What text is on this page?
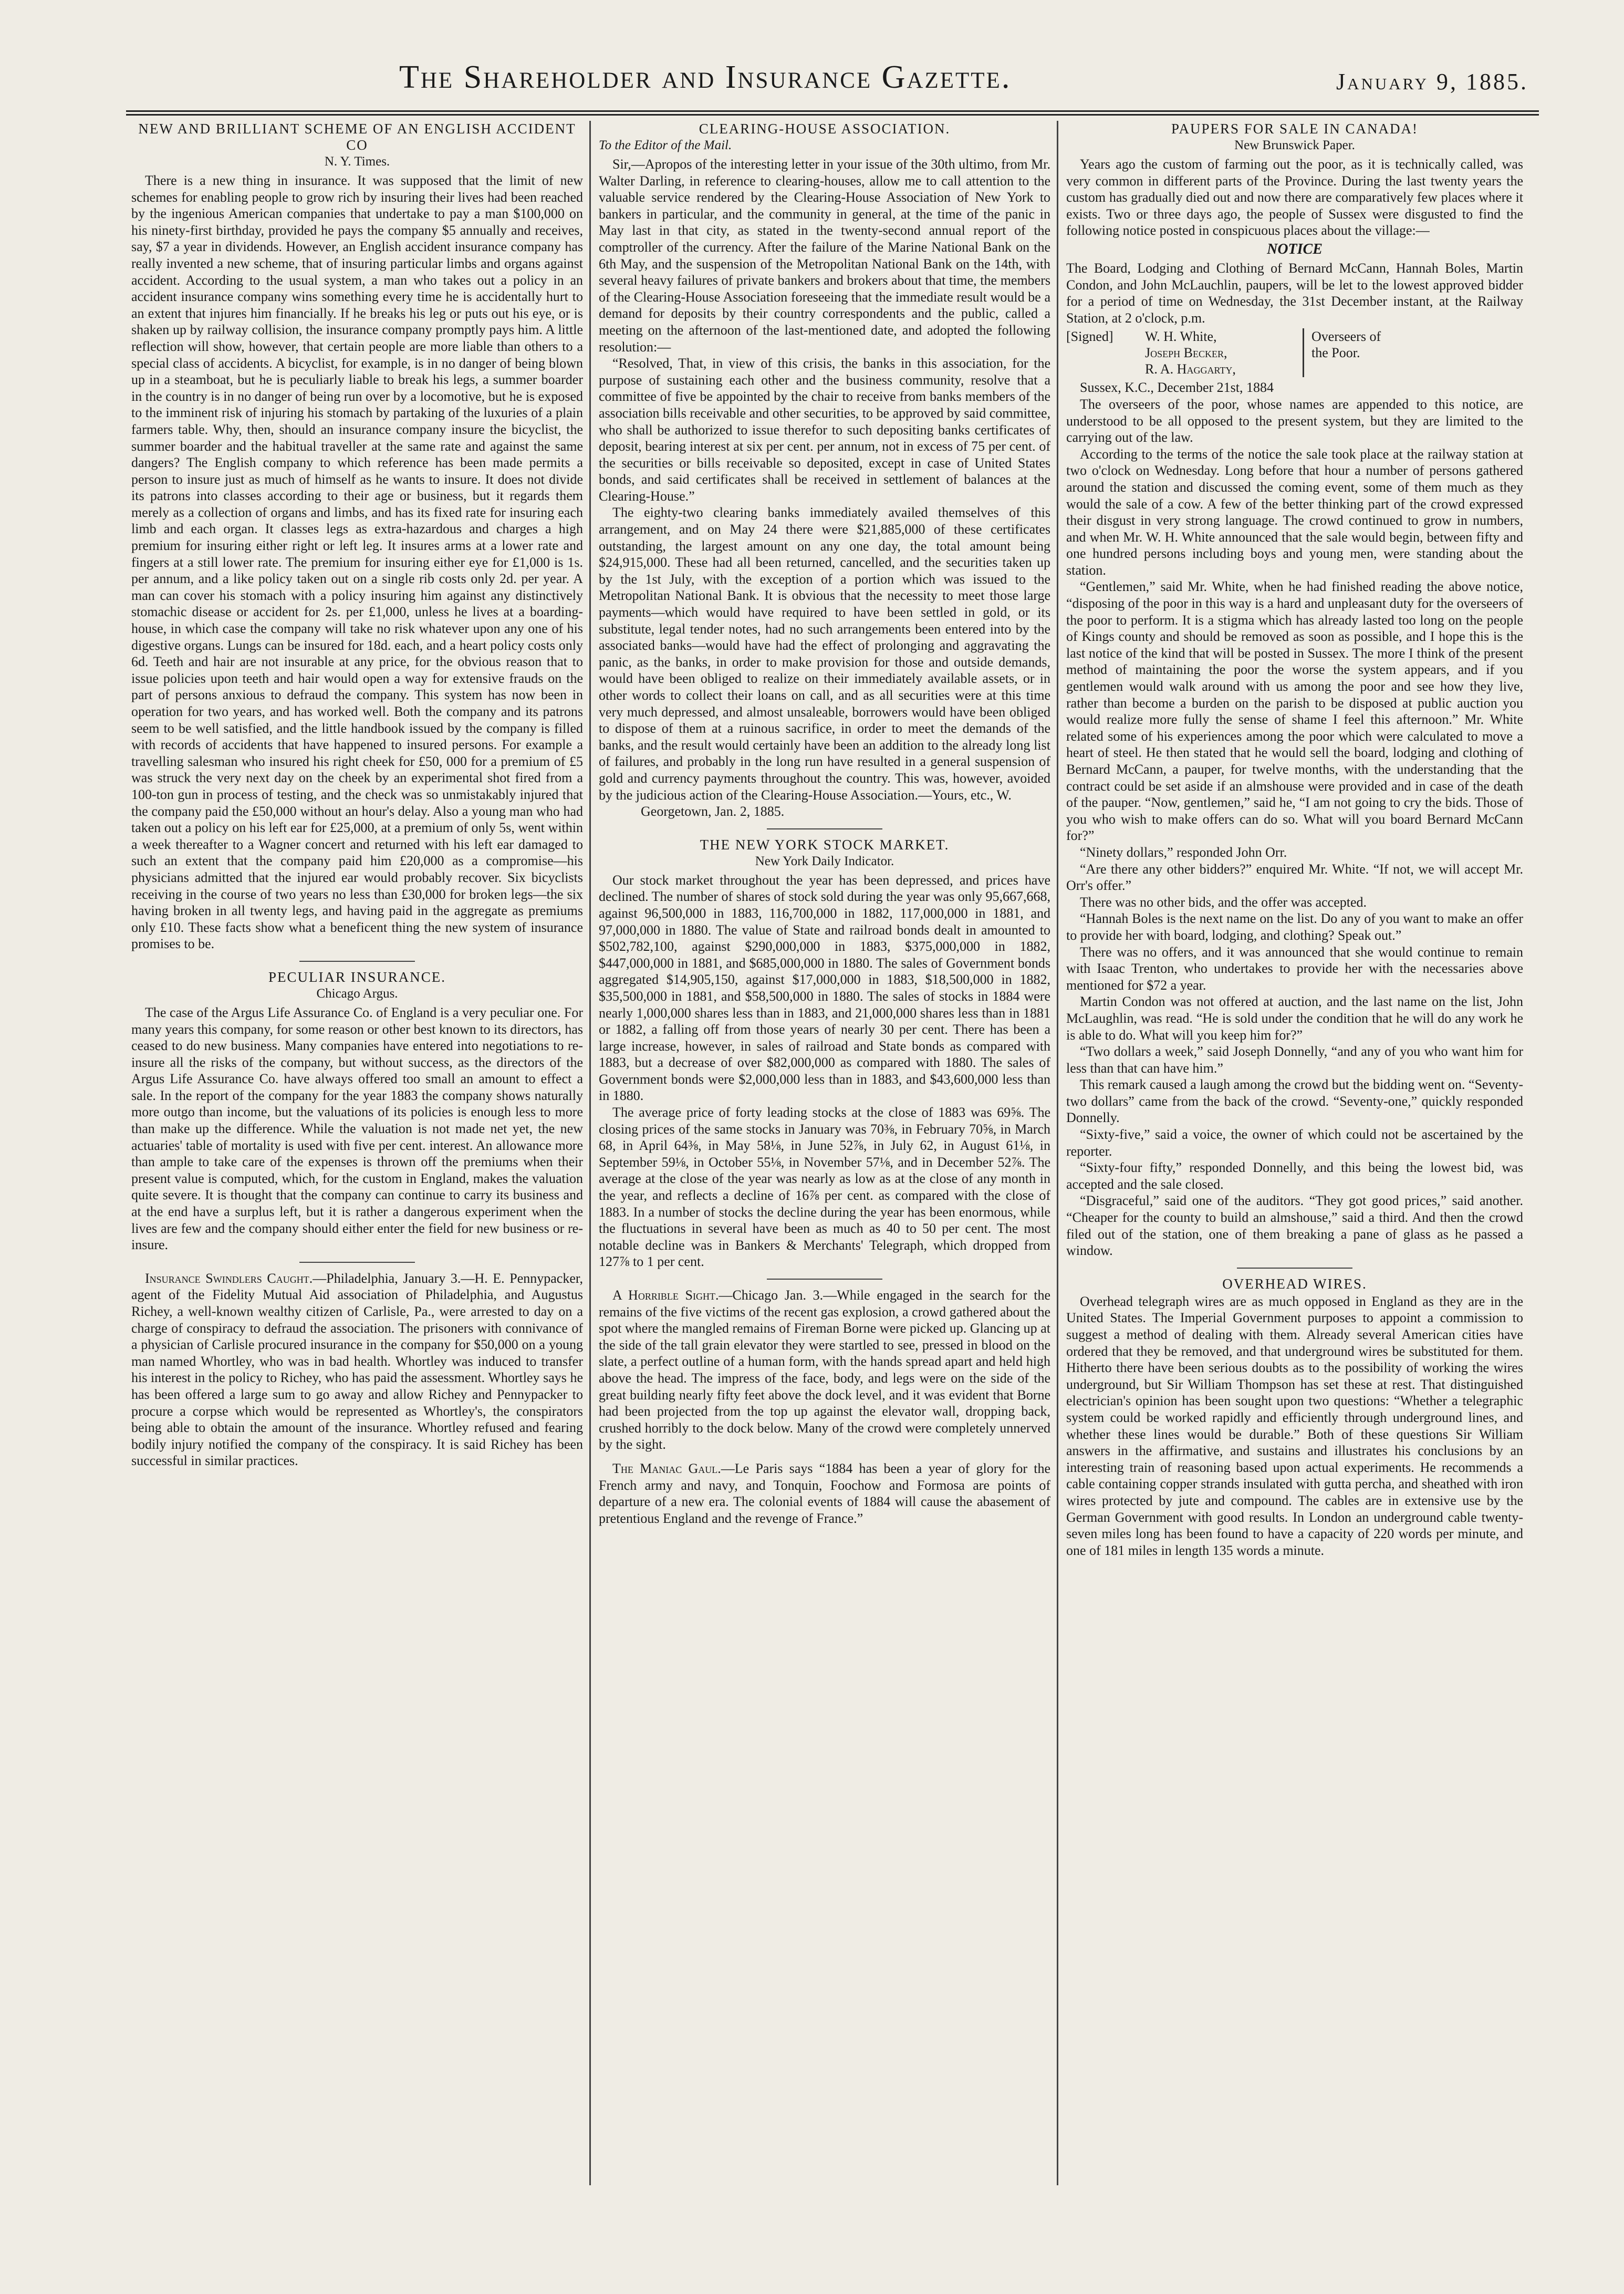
The Shareholder and Insurance Gazette.	January 9, 1885.
NEW AND BRILLIANT SCHEME OF AN ENGLISH ACCIDENT CO
N. Y. Times.

There is a new thing in insurance. It was supposed that the limit of new schemes for enabling people to grow rich by insuring their lives had been reached by the ingenious American companies that undertake to pay a man $100,000 on his ninety-first birthday, provided he pays the company $5 annually and receives, say, $7 a year in dividends. However, an English accident insurance company has really invented a new scheme, that of insuring particular limbs and organs against accident. According to the usual system, a man who takes out a policy in an accident insurance company wins something every time he is accidentally hurt to an extent that injures him financially. If he breaks his leg or puts out his eye, or is shaken up by railway collision, the insurance company promptly pays him. A little reflection will show, however, that certain people are more liable than others to a special class of accidents. A bicyclist, for example, is in no danger of being blown up in a steamboat, but he is peculiarly liable to break his legs, a summer boarder in the country is in no danger of being run over by a locomotive, but he is exposed to the imminent risk of injuring his stomach by partaking of the luxuries of a plain farmers table. Why, then, should an insurance company insure the bicyclist, the summer boarder and the habitual traveller at the same rate and against the same dangers? The English company to which reference has been made permits a person to insure just as much of himself as he wants to insure. It does not divide its patrons into classes according to their age or business, but it regards them merely as a collection of organs and limbs, and has its fixed rate for insuring each limb and each organ. It classes legs as extra-hazardous and charges a high premium for insuring either right or left leg. It insures arms at a lower rate and fingers at a still lower rate. The premium for insuring either eye for £1,000 is 1s. per annum, and a like policy taken out on a single rib costs only 2d. per year. A man can cover his stomach with a policy insuring him against any distinctively stomachic disease or accident for 2s. per £1,000, unless he lives at a boarding-house, in which case the company will take no risk whatever upon any one of his digestive organs. Lungs can be insured for 18d. each, and a heart policy costs only 6d. Teeth and hair are not insurable at any price, for the obvious reason that to issue policies upon teeth and hair would open a way for extensive frauds on the part of persons anxious to defraud the company. This system has now been in operation for two years, and has worked well. Both the company and its patrons seem to be well satisfied, and the little handbook issued by the company is filled with records of accidents that have happened to insured persons. For example a travelling salesman who insured his right cheek for £50, 000 for a premium of £5 was struck the very next day on the cheek by an experimental shot fired from a 100-ton gun in process of testing, and the check was so unmistakably injured that the company paid the £50,000 without an hour's delay. Also a young man who had taken out a policy on his left ear for £25,000, at a premium of only 5s, went within a week thereafter to a Wagner concert and returned with his left ear damaged to such an extent that the company paid him £20,000 as a compromise—his physicians admitted that the injured ear would probably recover. Six bicyclists receiving in the course of two years no less than £30,000 for broken legs—the six having broken in all twenty legs, and having paid in the aggregate as premiums only £10. These facts show what a beneficent thing the new system of insurance promises to be.

PECULIAR INSURANCE.
Chicago Argus.

The case of the Argus Life Assurance Co. of England is a very peculiar one. For many years this company, for some reason or other best known to its directors, has ceased to do new business. Many companies have entered into negotiations to re-insure all the risks of the company, but without success, as the directors of the Argus Life Assurance Co. have always offered too small an amount to effect a sale. In the report of the company for the year 1883 the company shows naturally more outgo than income, but the valuations of its policies is enough less to more than make up the difference. While the valuation is not made net yet, the new actuaries' table of mortality is used with five per cent. interest. An allowance more than ample to take care of the expenses is thrown off the premiums when their present value is computed, which, for the custom in England, makes the valuation quite severe. It is thought that the company can continue to carry its business and at the end have a surplus left, but it is rather a dangerous experiment when the lives are few and the company should either enter the field for new business or re-insure.

Insurance Swindlers Caught.—Philadelphia, January 3.—H. E. Pennypacker, agent of the Fidelity Mutual Aid association of Philadelphia, and Augustus Richey, a well-known wealthy citizen of Carlisle, Pa., were arrested to day on a charge of conspiracy to defraud the association. The prisoners with connivance of a physician of Carlisle procured insurance in the company for $50,000 on a young man named Whortley, who was in bad health. Whortley was induced to transfer his interest in the policy to Richey, who has paid the assessment. Whortley says he has been offered a large sum to go away and allow Richey and Pennypacker to procure a corpse which would be represented as Whortley's, the conspirators being able to obtain the amount of the insurance. Whortley refused and fearing bodily injury notified the company of the conspiracy. It is said Richey has been successful in similar practices.

CLEARING-HOUSE ASSOCIATION.
To the Editor of the Mail.

Sir,—Apropos of the interesting letter in your issue of the 30th ultimo, from Mr. Walter Darling, in reference to clearing-houses, allow me to call attention to the valuable service rendered by the Clearing-House Association of New York to bankers in particular, and the community in general, at the time of the panic in May last in that city, as stated in the twenty-second annual report of the comptroller of the currency. After the failure of the Marine National Bank on the 6th May, and the suspension of the Metropolitan National Bank on the 14th, with several heavy failures of private bankers and brokers about that time, the members of the Clearing-House Association foreseeing that the immediate result would be a demand for deposits by their country correspondents and the public, called a meeting on the afternoon of the last-mentioned date, and adopted the following resolution:—

“Resolved, That, in view of this crisis, the banks in this association, for the purpose of sustaining each other and the business community, resolve that a committee of five be appointed by the chair to receive from banks members of the association bills receivable and other securities, to be approved by said committee, who shall be authorized to issue therefor to such depositing banks certificates of deposit, bearing interest at six per cent. per annum, not in excess of 75 per cent. of the securities or bills receivable so deposited, except in case of United States bonds, and said certificates shall be received in settlement of balances at the Clearing-House.”

The eighty-two clearing banks immediately availed themselves of this arrangement, and on May 24 there were $21,885,000 of these certificates outstanding, the largest amount on any one day, the total amount being $24,915,000. These had all been returned, cancelled, and the securities taken up by the 1st July, with the exception of a portion which was issued to the Metropolitan National Bank. It is obvious that the necessity to meet those large payments—which would have required to have been settled in gold, or its substitute, legal tender notes, had no such arrangements been entered into by the associated banks—would have had the effect of prolonging and aggravating the panic, as the banks, in order to make provision for those and outside demands, would have been obliged to realize on their immediately available assets, or in other words to collect their loans on call, and as all securities were at this time very much depressed, and almost unsaleable, borrowers would have been obliged to dispose of them at a ruinous sacrifice, in order to meet the demands of the banks, and the result would certainly have been an addition to the already long list of failures, and probably in the long run have resulted in a general suspension of gold and currency payments throughout the country. This was, however, avoided by the judicious action of the Clearing-House Association.—Yours, etc., W.

Georgetown, Jan. 2, 1885.

THE NEW YORK STOCK MARKET.
New York Daily Indicator.

Our stock market throughout the year has been depressed, and prices have declined. The number of shares of stock sold during the year was only 95,667,668, against 96,500,000 in 1883, 116,700,000 in 1882, 117,000,000 in 1881, and 97,000,000 in 1880. The value of State and railroad bonds dealt in amounted to $502,782,100, against $290,000,000 in 1883, $375,000,000 in 1882, $447,000,000 in 1881, and $685,000,000 in 1880. The sales of Government bonds aggregated $14,905,150, against $17,000,000 in 1883, $18,500,000 in 1882, $35,500,000 in 1881, and $58,500,000 in 1880. The sales of stocks in 1884 were nearly 1,000,000 shares less than in 1883, and 21,000,000 shares less than in 1881 or 1882, a falling off from those years of nearly 30 per cent. There has been a large increase, however, in sales of railroad and State bonds as compared with 1883, but a decrease of over $82,000,000 as compared with 1880. The sales of Government bonds were $2,000,000 less than in 1883, and $43,600,000 less than in 1880.

The average price of forty leading stocks at the close of 1883 was 69⅝. The closing prices of the same stocks in January was 70⅜, in February 70⅝, in March 68, in April 64⅜, in May 58⅛, in June 52⅞, in July 62, in August 61⅛, in September 59⅛, in October 55⅛, in November 57⅛, and in December 52⅞. The average at the close of the year was nearly as low as at the close of any month in the year, and reflects a decline of 16⅞ per cent. as compared with the close of 1883. In a number of stocks the decline during the year has been enormous, while the fluctuations in several have been as much as 40 to 50 per cent. The most notable decline was in Bankers & Merchants' Telegraph, which dropped from 127⅞ to 1 per cent.

A Horrible Sight.—Chicago Jan. 3.—While engaged in the search for the remains of the five victims of the recent gas explosion, a crowd gathered about the spot where the mangled remains of Fireman Borne were picked up. Glancing up at the side of the tall grain elevator they were startled to see, pressed in blood on the slate, a perfect outline of a human form, with the hands spread apart and held high above the head. The impress of the face, body, and legs were on the side of the great building nearly fifty feet above the dock level, and it was evident that Borne had been projected from the top up against the elevator wall, dropping back, crushed horribly to the dock below. Many of the crowd were completely unnerved by the sight.

The Maniac Gaul.—Le Paris says “1884 has been a year of glory for the French army and navy, and Tonquin, Foochow and Formosa are points of departure of a new era. The colonial events of 1884 will cause the abasement of pretentious England and the revenge of France.”

PAUPERS FOR SALE IN CANADA!
New Brunswick Paper.

Years ago the custom of farming out the poor, as it is technically called, was very common in different parts of the Province. During the last twenty years the custom has gradually died out and now there are comparatively few places where it exists. Two or three days ago, the people of Sussex were disgusted to find the following notice posted in conspicuous places about the village:—

NOTICE

The Board, Lodging and Clothing of Bernard McCann, Hannah Boles, Martin Condon, and John McLauchlin, paupers, will be let to the lowest approved bidder for a period of time on Wednesday, the 31st December instant, at the Railway Station, at 2 o'clock, p.m.

[Signed]	W. H. White,
Joseph Becker,
R. A. Haggarty,
Overseers of the Poor.

Sussex, K.C., December 21st, 1884

The overseers of the poor, whose names are appended to this notice, are understood to be all opposed to the present system, but they are limited to the carrying out of the law.

According to the terms of the notice the sale took place at the railway station at two o'clock on Wednesday. Long before that hour a number of persons gathered around the station and discussed the coming event, some of them much as they would the sale of a cow. A few of the better thinking part of the crowd expressed their disgust in very strong language. The crowd continued to grow in numbers, and when Mr. W. H. White announced that the sale would begin, between fifty and one hundred persons including boys and young men, were standing about the station.

“Gentlemen,” said Mr. White, when he had finished reading the above notice, “disposing of the poor in this way is a hard and unpleasant duty for the overseers of the poor to perform. It is a stigma which has already lasted too long on the people of Kings county and should be removed as soon as possible, and I hope this is the last notice of the kind that will be posted in Sussex. The more I think of the present method of maintaining the poor the worse the system appears, and if you gentlemen would walk around with us among the poor and see how they live, rather than become a burden on the parish to be disposed at public auction you would realize more fully the sense of shame I feel this afternoon.” Mr. White related some of his experiences among the poor which were calculated to move a heart of steel. He then stated that he would sell the board, lodging and clothing of Bernard McCann, a pauper, for twelve months, with the understanding that the contract could be set aside if an almshouse were provided and in case of the death of the pauper. “Now, gentlemen,” said he, “I am not going to cry the bids. Those of you who wish to make offers can do so. What will you board Bernard McCann for?”

“Ninety dollars,” responded John Orr.

“Are there any other bidders?” enquired Mr. White. “If not, we will accept Mr. Orr's offer.”

There was no other bids, and the offer was accepted.

“Hannah Boles is the next name on the list. Do any of you want to make an offer to provide her with board, lodging, and clothing? Speak out.”

There was no offers, and it was announced that she would continue to remain with Isaac Trenton, who undertakes to provide her with the necessaries above mentioned for $72 a year.

Martin Condon was not offered at auction, and the last name on the list, John McLaughlin, was read. “He is sold under the condition that he will do any work he is able to do. What will you keep him for?”

“Two dollars a week,” said Joseph Donnelly, “and any of you who want him for less than that can have him.”

This remark caused a laugh among the crowd but the bidding went on. “Seventy-two dollars” came from the back of the crowd. “Seventy-one,” quickly responded Donnelly.

“Sixty-five,” said a voice, the owner of which could not be ascertained by the reporter.

“Sixty-four fifty,” responded Donnelly, and this being the lowest bid, was accepted and the sale closed.

“Disgraceful,” said one of the auditors. “They got good prices,” said another. “Cheaper for the county to build an almshouse,” said a third. And then the crowd filed out of the station, one of them breaking a pane of glass as he passed a window.

OVERHEAD WIRES.

Overhead telegraph wires are as much opposed in England as they are in the United States. The Imperial Government purposes to appoint a commission to suggest a method of dealing with them. Already several American cities have ordered that they be removed, and that underground wires be substituted for them. Hitherto there have been serious doubts as to the possibility of working the wires underground, but Sir William Thompson has set these at rest. That distinguished electrician's opinion has been sought upon two questions: “Whether a telegraphic system could be worked rapidly and efficiently through underground lines, and whether these lines would be durable.” Both of these questions Sir William answers in the affirmative, and sustains and illustrates his conclusions by an interesting train of reasoning based upon actual experiments. He recommends a cable containing copper strands insulated with gutta percha, and sheathed with iron wires protected by jute and compound. The cables are in extensive use by the German Government with good results. In London an underground cable twenty-seven miles long has been found to have a capacity of 220 words per minute, and one of 181 miles in length 135 words a minute.
